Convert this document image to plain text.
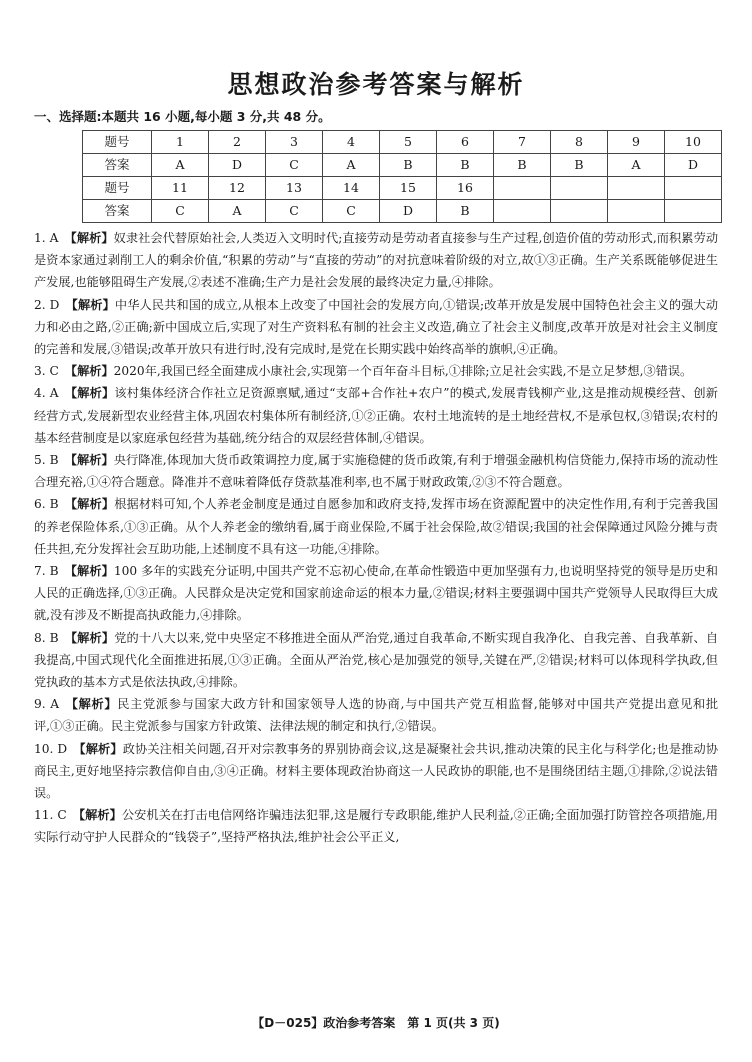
思想政治参考答案与解析
一、选择题:本题共 16 小题,每小题 3 分,共 48 分。
题号	1	2	3	4	5	6	7	8	9	10
答案	A	D	C	A	B	B	B	B	A	D
题号	11	12	13	14	15	16				
答案	C	A	C	C	D	B				

1. A  【解析】奴隶社会代替原始社会,人类迈入文明时代;直接劳动是劳动者直接参与生产过程,创造价值的劳动形式,而积累劳动是资本家通过剥削工人的剩余价值,“积累的劳动”与“直接的劳动”的对抗意味着阶级的对立,故①③正确。生产关系既能够促进生产发展,也能够阻碍生产发展,②表述不准确;生产力是社会发展的最终决定力量,④排除。

2. D  【解析】中华人民共和国的成立,从根本上改变了中国社会的发展方向,①错误;改革开放是发展中国特色社会主义的强大动力和必由之路,②正确;新中国成立后,实现了对生产资料私有制的社会主义改造,确立了社会主义制度,改革开放是对社会主义制度的完善和发展,③错误;改革开放只有进行时,没有完成时,是党在长期实践中始终高举的旗帜,④正确。

3. C  【解析】2020年,我国已经全面建成小康社会,实现第一个百年奋斗目标,①排除;立足社会实践,不是立足梦想,③错误。

4. A  【解析】该村集体经济合作社立足资源禀赋,通过“支部+合作社+农户”的模式,发展青钱柳产业,这是推动规模经营、创新经营方式,发展新型农业经营主体,巩固农村集体所有制经济,①②正确。农村土地流转的是土地经营权,不是承包权,③错误;农村的基本经营制度是以家庭承包经营为基础,统分结合的双层经营体制,④错误。

5. B  【解析】央行降准,体现加大货币政策调控力度,属于实施稳健的货币政策,有利于增强金融机构信贷能力,保持市场的流动性合理充裕,①④符合题意。降准并不意味着降低存贷款基准利率,也不属于财政政策,②③不符合题意。

6. B  【解析】根据材料可知,个人养老金制度是通过自愿参加和政府支持,发挥市场在资源配置中的决定性作用,有利于完善我国的养老保险体系,①③正确。从个人养老金的缴纳看,属于商业保险,不属于社会保险,故②错误;我国的社会保障通过风险分摊与责任共担,充分发挥社会互助功能,上述制度不具有这一功能,④排除。

7. B  【解析】100 多年的实践充分证明,中国共产党不忘初心使命,在革命性锻造中更加坚强有力,也说明坚持党的领导是历史和人民的正确选择,①③正确。人民群众是决定党和国家前途命运的根本力量,②错误;材料主要强调中国共产党领导人民取得巨大成就,没有涉及不断提高执政能力,④排除。

8. B  【解析】党的十八大以来,党中央坚定不移推进全面从严治党,通过自我革命,不断实现自我净化、自我完善、自我革新、自我提高,中国式现代化全面推进拓展,①③正确。全面从严治党,核心是加强党的领导,关键在严,②错误;材料可以体现科学执政,但党执政的基本方式是依法执政,④排除。

9. A  【解析】民主党派参与国家大政方针和国家领导人选的协商,与中国共产党互相监督,能够对中国共产党提出意见和批评,①③正确。民主党派参与国家方针政策、法律法规的制定和执行,②错误。

10. D  【解析】政协关注相关问题,召开对宗教事务的界别协商会议,这是凝聚社会共识,推动决策的民主化与科学化;也是推动协商民主,更好地坚持宗教信仰自由,③④正确。材料主要体现政治协商这一人民政协的职能,也不是围绕团结主题,①排除,②说法错误。

11. C  【解析】公安机关在打击电信网络诈骗违法犯罪,这是履行专政职能,维护人民利益,②正确;全面加强打防管控各项措施,用实际行动守护人民群众的“钱袋子”,坚持严格执法,维护社会公平正义,

【D－025】政治参考答案　第 1 页(共 3 页)
